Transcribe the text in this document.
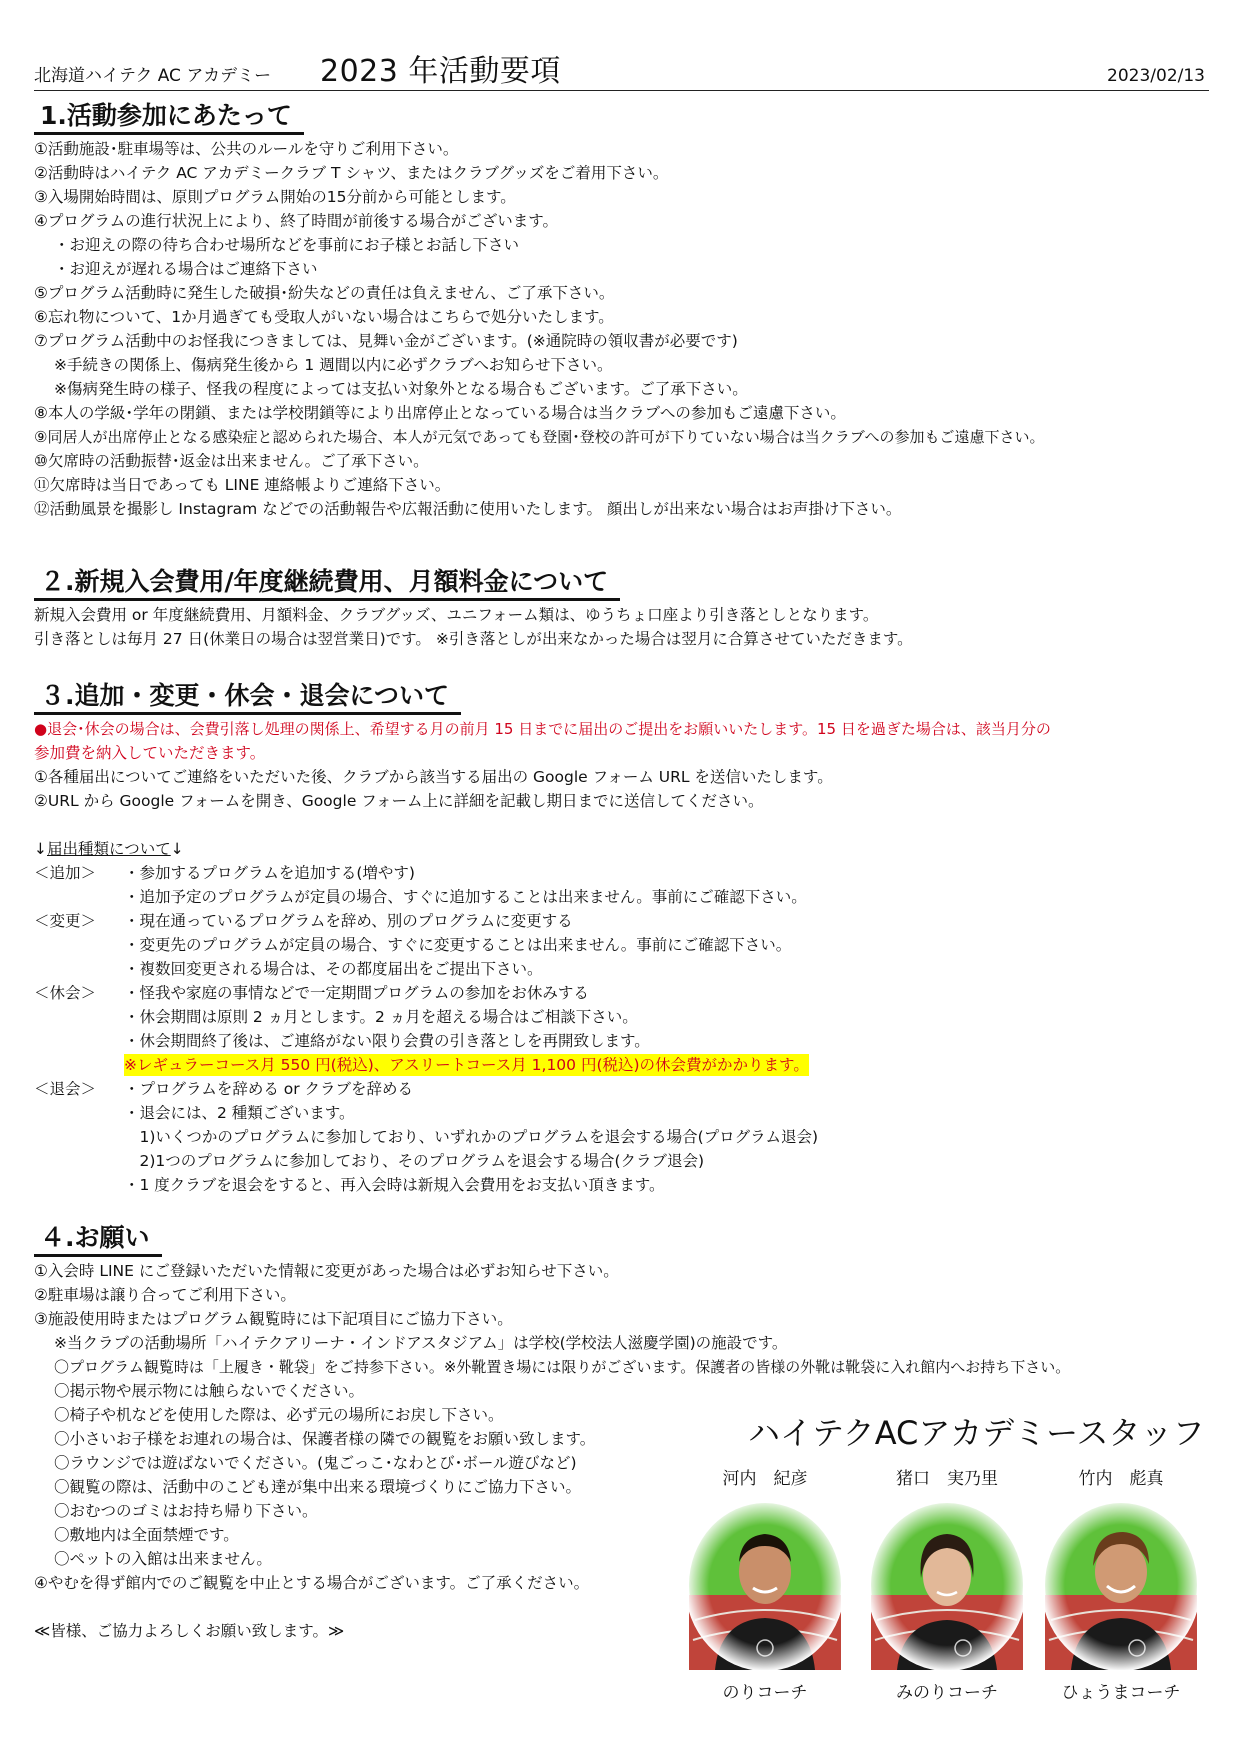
北海道ハイテク AC アカデミー 2023 年活動要項	2023/02/13
1.活動参加にあたって
①活動施設･駐車場等は、公共のルールを守りご利用下さい。
②活動時はハイテク AC アカデミークラブ T シャツ、またはクラブグッズをご着用下さい。
③入場開始時間は、原則プログラム開始の15分前から可能とします。
④プログラムの進行状況上により、終了時間が前後する場合がございます。
・お迎えの際の待ち合わせ場所などを事前にお子様とお話し下さい
・お迎えが遅れる場合はご連絡下さい
⑤プログラム活動時に発生した破損･紛失などの責任は負えません、ご了承下さい。
⑥忘れ物について、1か月過ぎても受取人がいない場合はこちらで処分いたします。
⑦プログラム活動中のお怪我につきましては、見舞い金がございます。(※通院時の領収書が必要です)
※手続きの関係上、傷病発生後から 1 週間以内に必ずクラブへお知らせ下さい。
※傷病発生時の様子、怪我の程度によっては支払い対象外となる場合もございます。ご了承下さい。
⑧本人の学級･学年の閉鎖、または学校閉鎖等により出席停止となっている場合は当クラブへの参加もご遠慮下さい。
⑨同居人が出席停止となる感染症と認められた場合、本人が元気であっても登園･登校の許可が下りていない場合は当クラブへの参加もご遠慮下さい。
⑩欠席時の活動振替･返金は出来ません。ご了承下さい。
⑪欠席時は当日であっても LINE 連絡帳よりご連絡下さい。
⑫活動風景を撮影し Instagram などでの活動報告や広報活動に使用いたします。 顔出しが出来ない場合はお声掛け下さい。
２.新規入会費用/年度継続費用、月額料金について
新規入会費用 or 年度継続費用、月額料金、クラブグッズ、ユニフォーム類は、ゆうちょ口座より引き落としとなります。
引き落としは毎月 27 日(休業日の場合は翌営業日)です。 ※引き落としが出来なかった場合は翌月に合算させていただきます。
３.追加・変更・休会・退会について
●退会･休会の場合は、会費引落し処理の関係上、希望する月の前月 15 日までに届出のご提出をお願いいたします。15 日を過ぎた場合は、該当月分の
参加費を納入していただきます。
①各種届出についてご連絡をいただいた後、クラブから該当する届出の Google フォーム URL を送信いたします。
②URL から Google フォームを開き、Google フォーム上に詳細を記載し期日までに送信してください。
↓届出種類について↓
＜追加＞	・参加するプログラムを追加する(増やす)
・追加予定のプログラムが定員の場合、すぐに追加することは出来ません。事前にご確認下さい。
＜変更＞	・現在通っているプログラムを辞め、別のプログラムに変更する
・変更先のプログラムが定員の場合、すぐに変更することは出来ません。事前にご確認下さい。
・複数回変更される場合は、その都度届出をご提出下さい。
＜休会＞	・怪我や家庭の事情などで一定期間プログラムの参加をお休みする
・休会期間は原則 2 ヵ月とします。2 ヵ月を超える場合はご相談下さい。
・休会期間終了後は、ご連絡がない限り会費の引き落としを再開致します。
※レギュラーコース月 550 円(税込)、アスリートコース月 1,100 円(税込)の休会費がかかります。
＜退会＞	・プログラムを辞める or クラブを辞める
・退会には、2 種類ございます。
　1)いくつかのプログラムに参加しており、いずれかのプログラムを退会する場合(プログラム退会)
　2)1つのプログラムに参加しており、そのプログラムを退会する場合(クラブ退会)
・1 度クラブを退会をすると、再入会時は新規入会費用をお支払い頂きます。
４.お願い
①入会時 LINE にご登録いただいた情報に変更があった場合は必ずお知らせ下さい。
②駐車場は譲り合ってご利用下さい。
③施設使用時またはプログラム観覧時には下記項目にご協力下さい。
※当クラブの活動場所「ハイテクアリーナ・インドアスタジアム」は学校(学校法人滋慶学園)の施設です。
〇プログラム観覧時は「上履き・靴袋」をご持参下さい。※外靴置き場には限りがございます。保護者の皆様の外靴は靴袋に入れ館内へお持ち下さい。
〇掲示物や展示物には触らないでください。
〇椅子や机などを使用した際は、必ず元の場所にお戻し下さい。
〇小さいお子様をお連れの場合は、保護者様の隣での観覧をお願い致します。
〇ラウンジでは遊ばないでください。(鬼ごっこ･なわとび･ボール遊びなど)
〇観覧の際は、活動中のこども達が集中出来る環境づくりにご協力下さい。
〇おむつのゴミはお持ち帰り下さい。
〇敷地内は全面禁煙です。
〇ペットの入館は出来ません。
④やむを得ず館内でのご観覧を中止とする場合がございます。ご了承ください。
≪皆様、ご協力よろしくお願い致します。≫
ハイテクACアカデミースタッフ
河内　紀彦
のりコーチ
猪口　実乃里
みのりコーチ
竹内　彪真
ひょうまコーチ
